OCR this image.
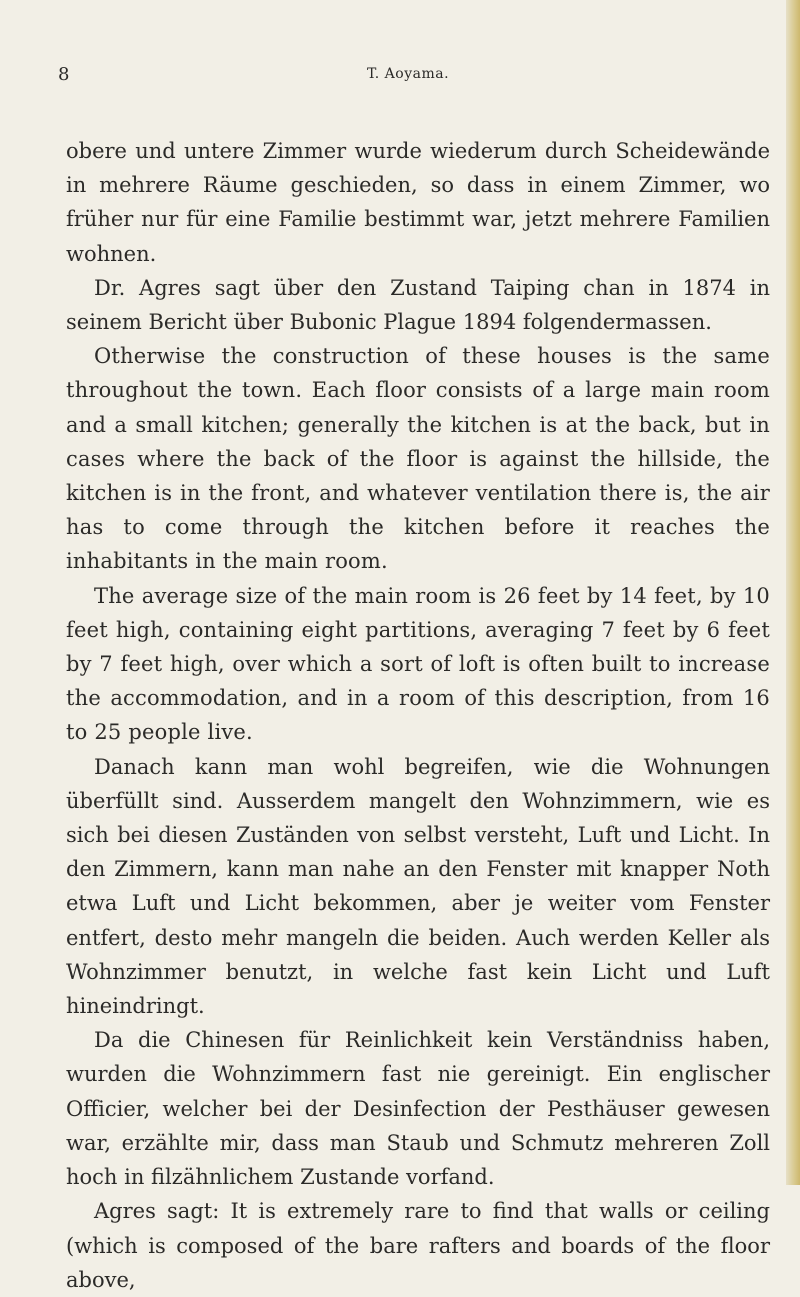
8	T. Aoyama.

obere und untere Zimmer wurde wiederum durch Scheidewände in mehrere Räume geschieden, so dass in einem Zimmer, wo früher nur für eine Familie bestimmt war, jetzt mehrere Familien wohnen.

Dr. Agres sagt über den Zustand Taiping chan in 1874 in seinem Bericht über Bubonic Plague 1894 folgendermassen.

Otherwise the construction of these houses is the same throughout the town. Each floor consists of a large main room and a small kitchen; generally the kitchen is at the back, but in cases where the back of the floor is against the hillside, the kitchen is in the front, and whatever ventilation there is, the air has to come through the kitchen before it reaches the inhabitants in the main room.

The average size of the main room is 26 feet by 14 feet, by 10 feet high, containing eight partitions, averaging 7 feet by 6 feet by 7 feet high, over which a sort of loft is often built to increase the accommodation, and in a room of this description, from 16 to 25 people live.

Danach kann man wohl begreifen, wie die Wohnungen überfüllt sind. Ausserdem mangelt den Wohnzimmern, wie es sich bei diesen Zuständen von selbst versteht, Luft und Licht. In den Zimmern, kann man nahe an den Fenster mit knapper Noth etwa Luft und Licht bekommen, aber je weiter vom Fenster entfert, desto mehr mangeln die beiden. Auch werden Keller als Wohnzimmer benutzt, in welche fast kein Licht und Luft hineindringt.

Da die Chinesen für Reinlichkeit kein Verständniss haben, wurden die Wohnzimmern fast nie gereinigt. Ein englischer Officier, welcher bei der Desinfection der Pesthäuser gewesen war, erzählte mir, dass man Staub und Schmutz mehreren Zoll hoch in filzähnlichem Zustande vorfand.

Agres sagt: It is extremely rare to find that walls or ceiling (which is composed of the bare rafters and boards of the floor above,
